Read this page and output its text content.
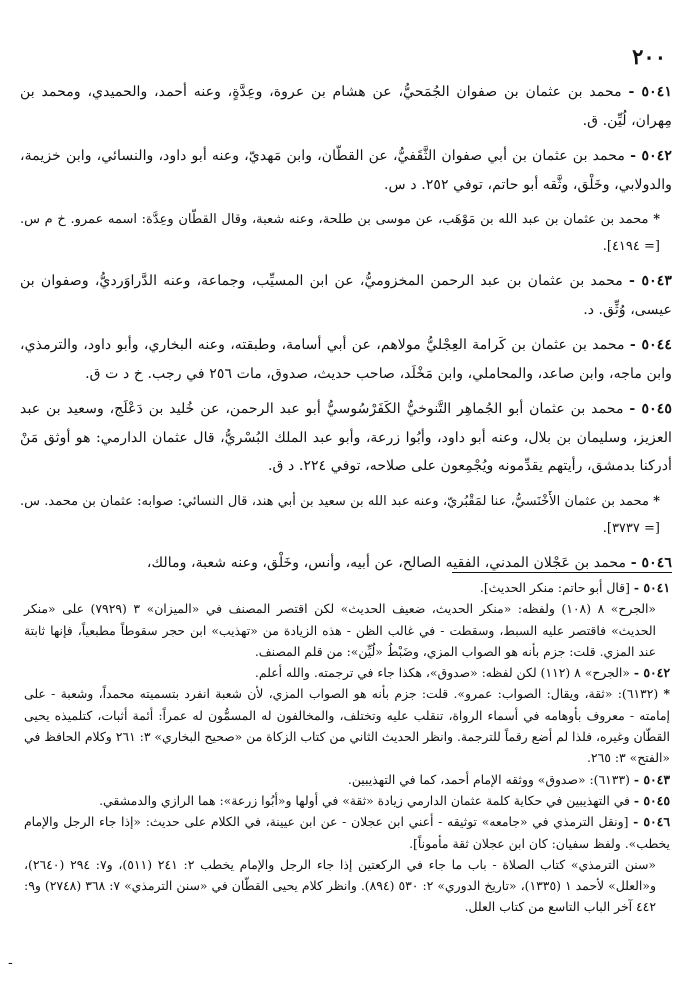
٢٠٠

٥٠٤١ - محمد بن عثمان بن صفوان الجُمَحيُّ، عن هشام بن عروة، وعِدَّةٍ، وعنه أحمد، والحميدي، ومحمد بن مِهران، لُيِّن. ق.

٥٠٤٢ - محمد بن عثمان بن أبي صفوان الثَّقَفيُّ، عن القطّان، وابن مَهديّ، وعنه أبو داود، والنسائي، وابن خزيمة، والدولابي، وخَلْق، وثَّقه أبو حاتم، توفي ٢٥٢. د س.

* محمد بن عثمان بن عبد الله بن مَوْهَب، عن موسى بن طلحة، وعنه شعبة، وقال القطّان وعِدَّة: اسمه عمرو. خ م س. [= ٤١٩٤].

٥٠٤٣ - محمد بن عثمان بن عبد الرحمن المخزوميُّ، عن ابن المسيِّب، وجماعة، وعنه الدَّراوَرديُّ، وصفوان بن عيسى، وُثِّق. د.

٥٠٤٤ - محمد بن عثمان بن كَرامة العِجْليُّ مولاهم، عن أبي أسامة، وطبقته، وعنه البخاري، وأبو داود، والترمذي، وابن ماجه، وابن صاعد، والمحاملي، وابن مَخْلَد، صاحب حديث، صدوق، مات ٢٥٦ في رجب. خ د ت ق.

٥٠٤٥ - محمد بن عثمان أبو الجُماهِر التَّنوخيُّ الكَفَرْسُوسيُّ أبو عبد الرحمن، عن خُليد بن دَعْلَج، وسعيد بن عبد العزيز، وسليمان بن بلال، وعنه أبو داود، وأبُوا زرعة، وأبو عبد الملك البُسْريُّ، قال عثمان الدارمي: هو أوثق مَنْ أدركنا بدمشق، رأيتهم يقدِّمونه ويُجْمِعون على صلاحه، توفي ٢٢٤. د ق.

* محمد بن عثمان الأَخْنَسيُّ، عنا لمَقْبُريّ، وعنه عبد الله بن سعيد بن أبي هند، قال النسائي: صوابه: عثمان بن محمد. س. [= ٣٧٣٧].

٥٠٤٦ - محمد بن عَجْلان المدني، الفقيه الصالح، عن أبيه، وأنس، وخَلْق، وعنه شعبة، ومالك،

٥٠٤١ - [قال أبو حاتم: منكر الحديث].

«الجرح» ٨ (١٠٨) ولفظه: «منكر الحديث، ضعيف الحديث» لكن اقتصر المصنف في «الميزان» ٣ (٧٩٢٩) على «منكر الحديث» فاقتصر عليه السبط، وسقطت - في غالب الظن - هذه الزيادة من «تهذيب» ابن حجر سقوطاً مطبعياً، فإنها ثابتة عند المزي. قلت: جزم بأنه هو الصواب المزي، وضَبْطُ «لُيِّن»: من قلم المصنف.

٥٠٤٢ - «الجرح» ٨ (١١٢) لكن لفظه: «صدوق»، هكذا جاء في ترجمته. والله أعلم.

* (٦١٣٢): «ثقة، ويقال: الصواب: عمرو». قلت: جزم بأنه هو الصواب المزي، لأن شعبة انفرد بتسميته محمداً، وشعبة - على إمامته - معروف بأوهامه في أسماء الرواة، تنقلب عليه وتختلف، والمخالفون له المسمُّون له عمراً: أئمة أثبات، كتلميذه يحيى القطّان وغيره، فلذا لم أضع رقماً للترجمة. وانظر الحديث الثاني من كتاب الزكاة من «صحيح البخاري» ٣: ٢٦١ وكلام الحافظ في «الفتح» ٣: ٢٦٥.

٥٠٤٣ - (٦١٣٣): «صدوق» ووثقه الإمام أحمد، كما في التهذيبين.

٥٠٤٥ - في التهذيبين في حكاية كلمة عثمان الدارمي زيادة «ثقة» في أولها و«أبُوا زرعة»: هما الرازي والدمشقي.

٥٠٤٦ - [ونقل الترمذي في «جامعه» توثيقه - أعني ابن عجلان - عن ابن عيينة، في الكلام على حديث: «إذا جاء الرجل والإمام يخطب». ولفظ سفيان: كان ابن عجلان ثقة مأموناً].

«سنن الترمذي» كتاب الصلاة - باب ما جاء في الركعتين إذا جاء الرجل والإمام يخطب ٢: ٢٤١ (٥١١)، و٧: ٢٩٤ (٢٦٤٠)، و«العلل» لأحمد ١ (١٣٣٥)، «تاريخ الدوري» ٢: ٥٣٠ (٨٩٤). وانظر كلام يحيى القطّان في «سنن الترمذي» ٧: ٣٦٨ (٢٧٤٨) و٩: ٤٤٢ آخر الباب التاسع من كتاب العلل.

-
